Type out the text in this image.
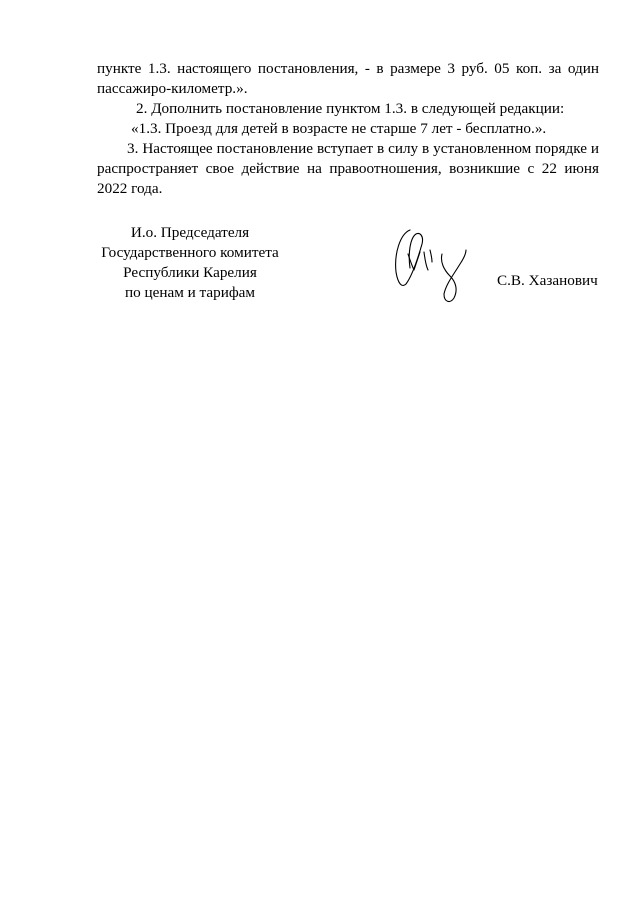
пункте 1.3. настоящего постановления, - в размере 3 руб. 05 коп. за один
пассажиро-километр.».

2. Дополнить постановление пунктом 1.3. в следующей редакции:

«1.3. Проезд для детей в возрасте не старше 7 лет - бесплатно.».

3. Настоящее постановление вступает в силу в установленном порядке и
распространяет свое действие на правоотношения, возникшие с 22 июня
2022 года.

И.о. Председателя
Государственного комитета
Республики Карелия
по ценам и тарифам
С.В. Хазанович
